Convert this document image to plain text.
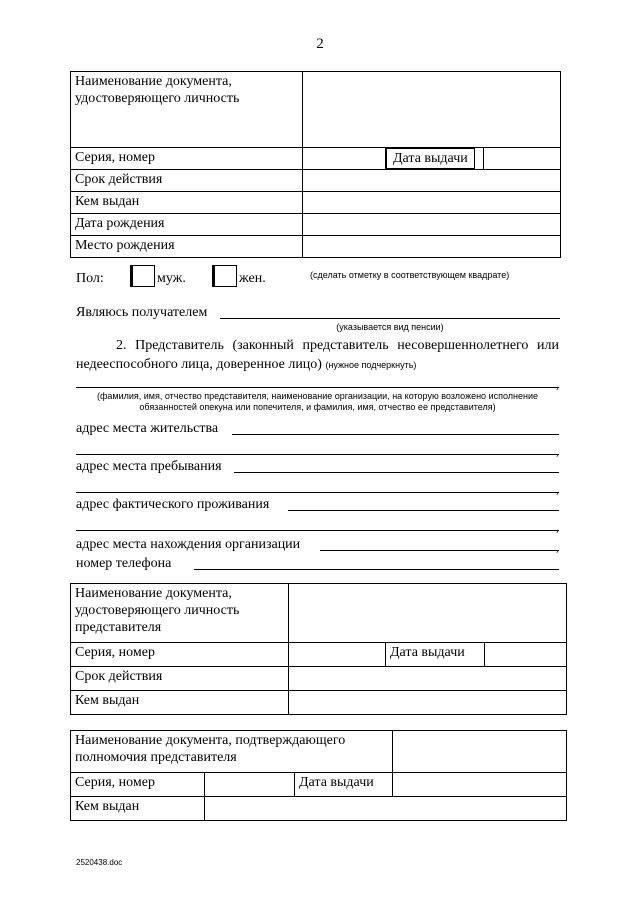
2
Наименование документа, удостоверяющего личность			
Серия, номер		Дата выдачи	
Срок действия			
Кем выдан			
Дата рождения			
Место рождения			
Пол:	муж.	жен.	(сделать отметку в соответствующем квадрате)
Являюсь получателем
(указывается вид пенсии)
2. Представитель (законный представитель несовершеннолетнего или недееспособного лица, доверенное лицо) (нужное подчеркнуть)
,
(фамилия, имя, отчество представителя, наименование организации, на которую возложено исполнение обязанностей опекуна или попечителя, и фамилия, имя, отчество ее представителя)
адрес места жительства
,
адрес места пребывания
,
адрес фактического проживания
,
адрес места нахождения организации	,
номер телефона
Наименование документа, удостоверяющего личность представителя			
Серия, номер		Дата выдачи	
Срок действия			
Кем выдан			
Наименование документа, подтверждающего полномочия представителя			
Серия, номер		Дата выдачи	
Кем выдан			
2520438.doc
